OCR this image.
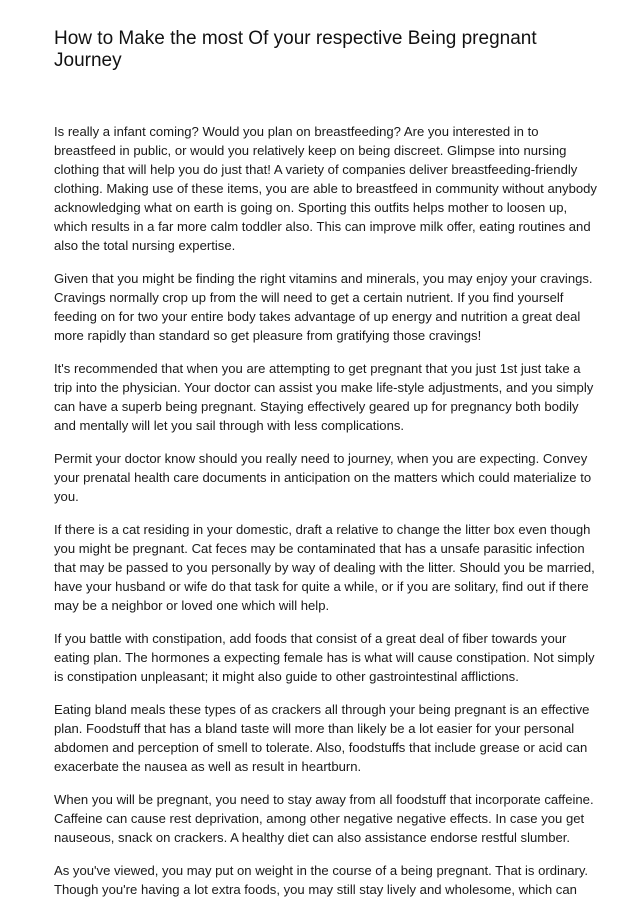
How to Make the most Of your respective Being pregnant Journey

Is really a infant coming? Would you plan on breastfeeding? Are you interested in to breastfeed in public, or would you relatively keep on being discreet. Glimpse into nursing clothing that will help you do just that! A variety of companies deliver breastfeeding-friendly clothing. Making use of these items, you are able to breastfeed in community without anybody acknowledging what on earth is going on. Sporting this outfits helps mother to loosen up, which results in a far more calm toddler also. This can improve milk offer, eating routines and also the total nursing expertise.

Given that you might be finding the right vitamins and minerals, you may enjoy your cravings. Cravings normally crop up from the will need to get a certain nutrient. If you find yourself feeding on for two your entire body takes advantage of up energy and nutrition a great deal more rapidly than standard so get pleasure from gratifying those cravings!

It's recommended that when you are attempting to get pregnant that you just 1st just take a trip into the physician. Your doctor can assist you make life-style adjustments, and you simply can have a superb being pregnant. Staying effectively geared up for pregnancy both bodily and mentally will let you sail through with less complications.

Permit your doctor know should you really need to journey, when you are expecting. Convey your prenatal health care documents in anticipation on the matters which could materialize to you.

If there is a cat residing in your domestic, draft a relative to change the litter box even though you might be pregnant. Cat feces may be contaminated that has a unsafe parasitic infection that may be passed to you personally by way of dealing with the litter. Should you be married, have your husband or wife do that task for quite a while, or if you are solitary, find out if there may be a neighbor or loved one which will help.

If you battle with constipation, add foods that consist of a great deal of fiber towards your eating plan. The hormones a expecting female has is what will cause constipation. Not simply is constipation unpleasant; it might also guide to other gastrointestinal afflictions.

Eating bland meals these types of as crackers all through your being pregnant is an effective plan. Foodstuff that has a bland taste will more than likely be a lot easier for your personal abdomen and perception of smell to tolerate. Also, foodstuffs that include grease or acid can exacerbate the nausea as well as result in heartburn.

When you will be pregnant, you need to stay away from all foodstuff that incorporate caffeine. Caffeine can cause rest deprivation, among other negative negative effects. In case you get nauseous, snack on crackers. A healthy diet can also assistance endorse restful slumber.

As you've viewed, you may put on weight in the course of a being pregnant. That is ordinary. Though you're having a lot extra foods, you may still stay lively and wholesome, which can
